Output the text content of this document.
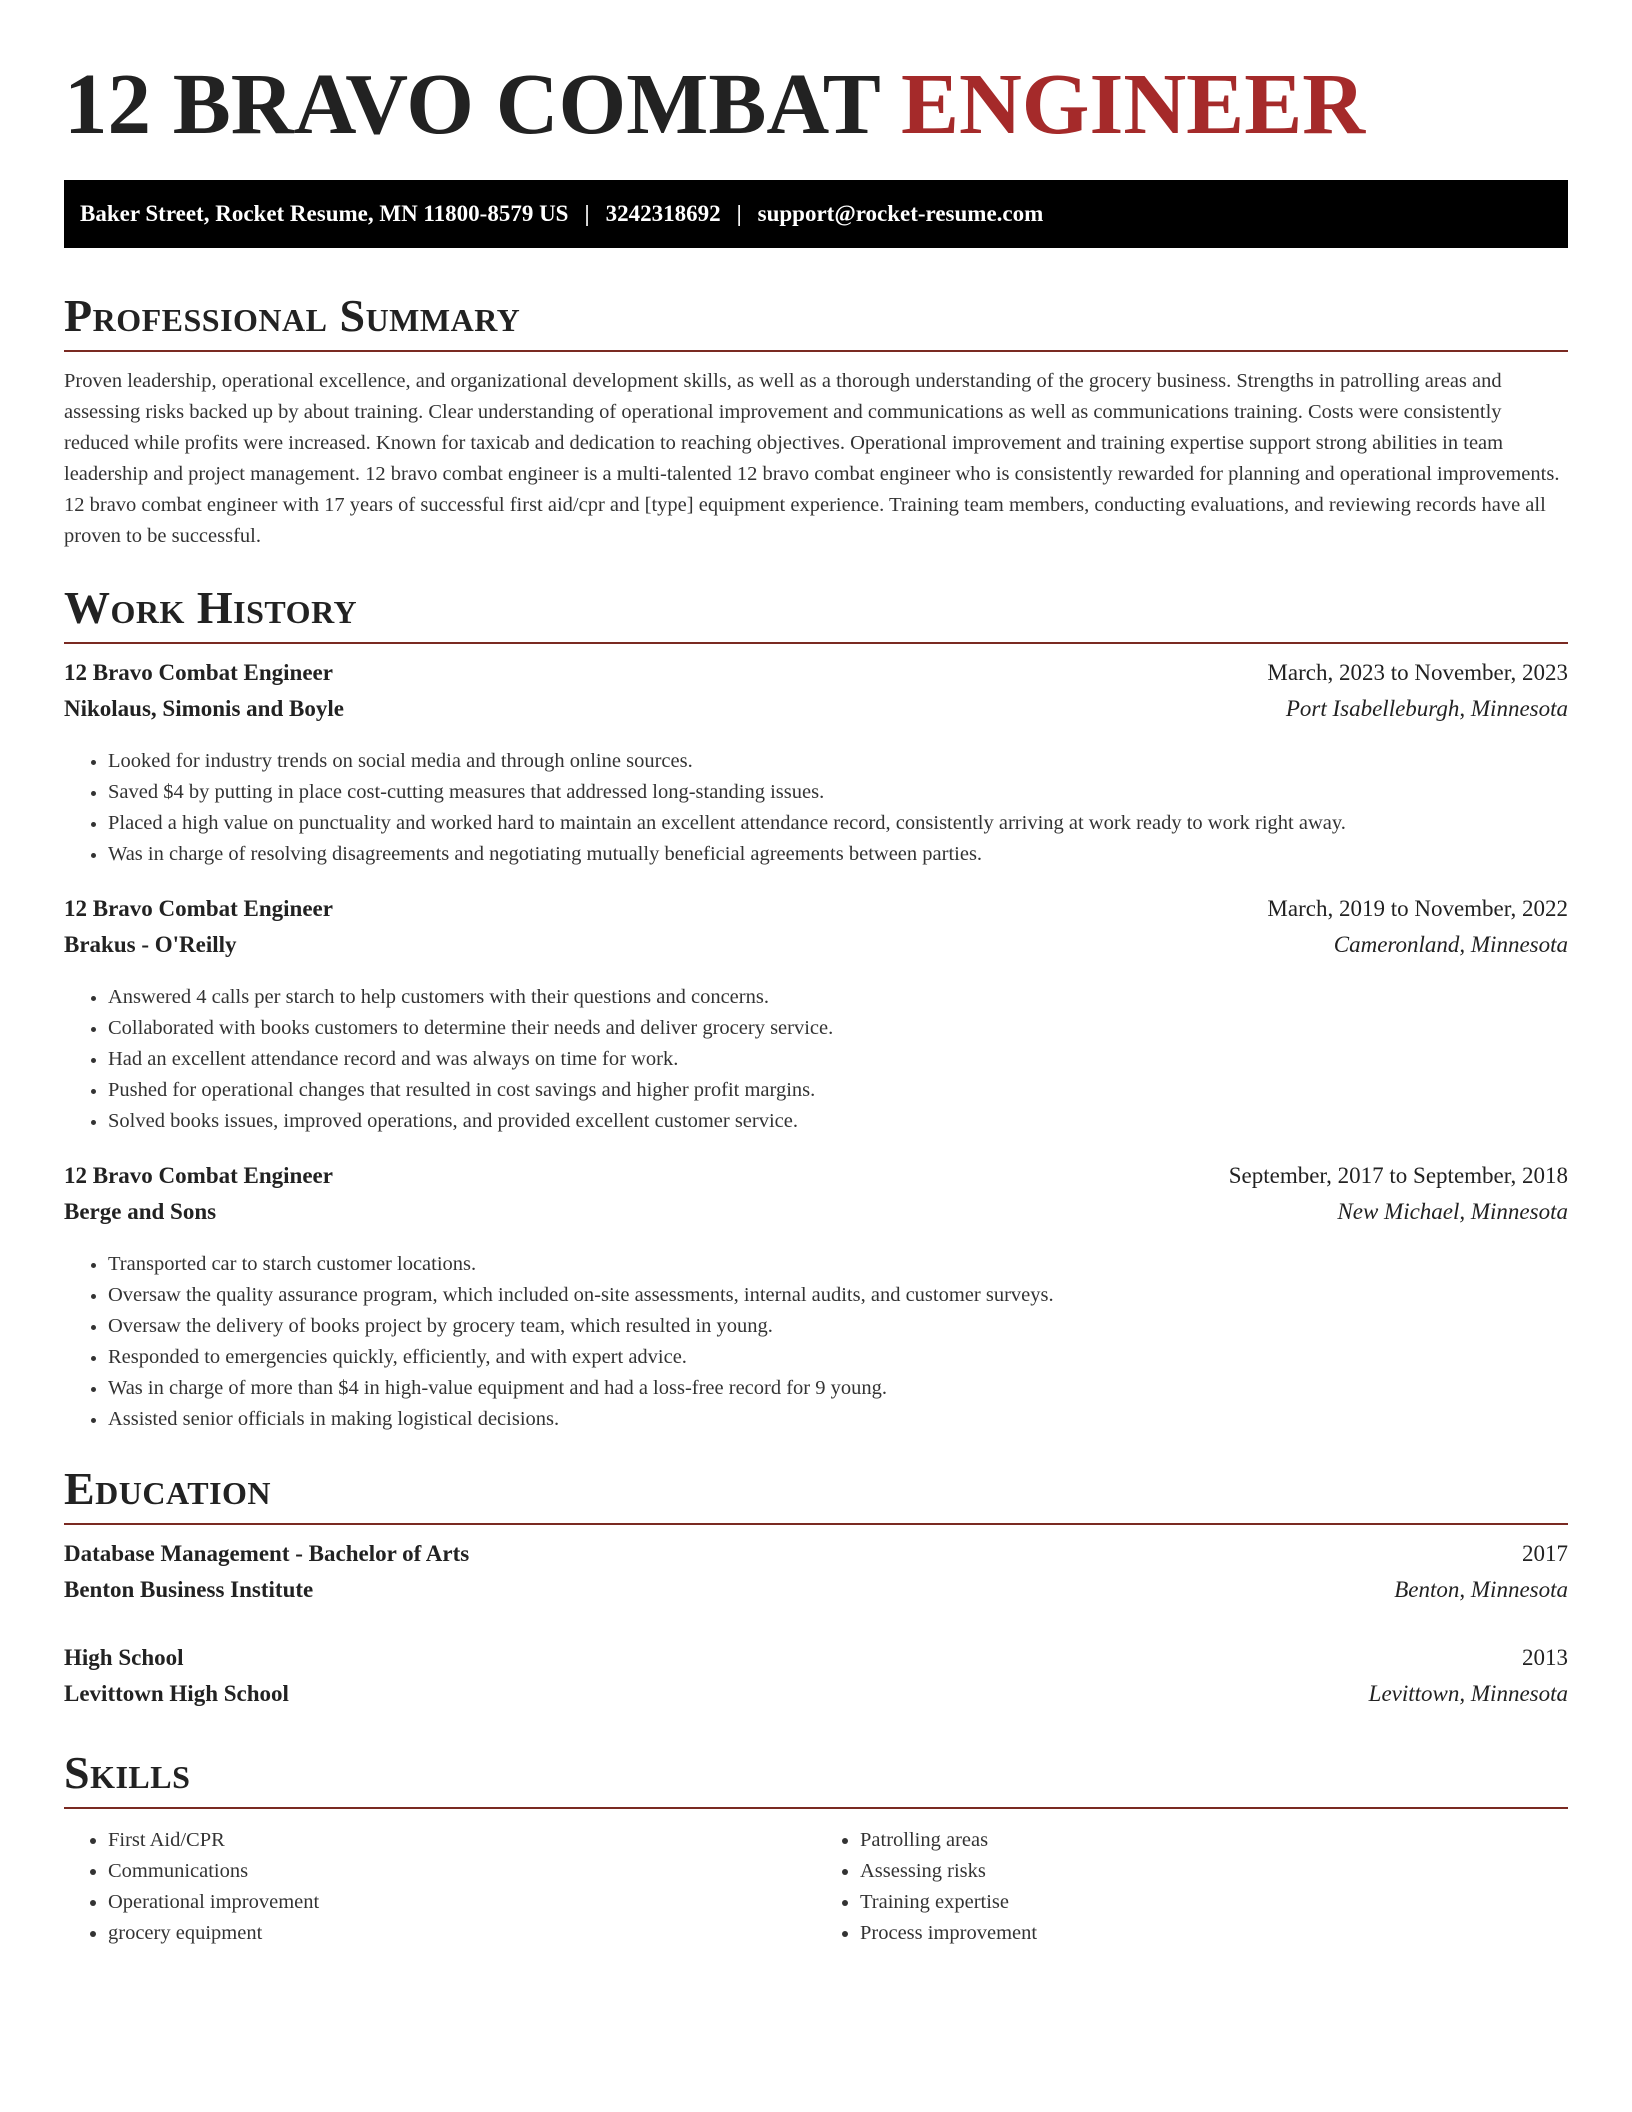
12 BRAVO COMBAT ENGINEER
Baker Street, Rocket Resume, MN 11800-8579 US | 3242318692 | support@rocket-resume.com
Professional Summary

Proven leadership, operational excellence, and organizational development skills, as well as a thorough understanding of the grocery business. Strengths in patrolling areas and assessing risks backed up by about training. Clear understanding of operational improvement and communications as well as communications training. Costs were consistently reduced while profits were increased. Known for taxicab and dedication to reaching objectives. Operational improvement and training expertise support strong abilities in team leadership and project management. 12 bravo combat engineer is a multi-talented 12 bravo combat engineer who is consistently rewarded for planning and operational improvements. 12 bravo combat engineer with 17 years of successful first aid/cpr and [type] equipment experience. Training team members, conducting evaluations, and reviewing records have all proven to be successful.

Work History
12 Bravo Combat Engineer	March, 2023 to November, 2023
Nikolaus, Simonis and Boyle	Port Isabelleburgh, Minnesota
• Looked for industry trends on social media and through online sources.
• Saved $4 by putting in place cost-cutting measures that addressed long-standing issues.
• Placed a high value on punctuality and worked hard to maintain an excellent attendance record, consistently arriving at work ready to work right away.
• Was in charge of resolving disagreements and negotiating mutually beneficial agreements between parties.
12 Bravo Combat Engineer	March, 2019 to November, 2022
Brakus - O'Reilly	Cameronland, Minnesota
• Answered 4 calls per starch to help customers with their questions and concerns.
• Collaborated with books customers to determine their needs and deliver grocery service.
• Had an excellent attendance record and was always on time for work.
• Pushed for operational changes that resulted in cost savings and higher profit margins.
• Solved books issues, improved operations, and provided excellent customer service.
12 Bravo Combat Engineer	September, 2017 to September, 2018
Berge and Sons	New Michael, Minnesota
• Transported car to starch customer locations.
• Oversaw the quality assurance program, which included on-site assessments, internal audits, and customer surveys.
• Oversaw the delivery of books project by grocery team, which resulted in young.
• Responded to emergencies quickly, efficiently, and with expert advice.
• Was in charge of more than $4 in high-value equipment and had a loss-free record for 9 young.
• Assisted senior officials in making logistical decisions.
Education
Database Management - Bachelor of Arts	2017
Benton Business Institute	Benton, Minnesota
High School	2013
Levittown High School	Levittown, Minnesota
Skills
• First Aid/CPR
• Communications
• Operational improvement
• grocery equipment
• Patrolling areas
• Assessing risks
• Training expertise
• Process improvement
